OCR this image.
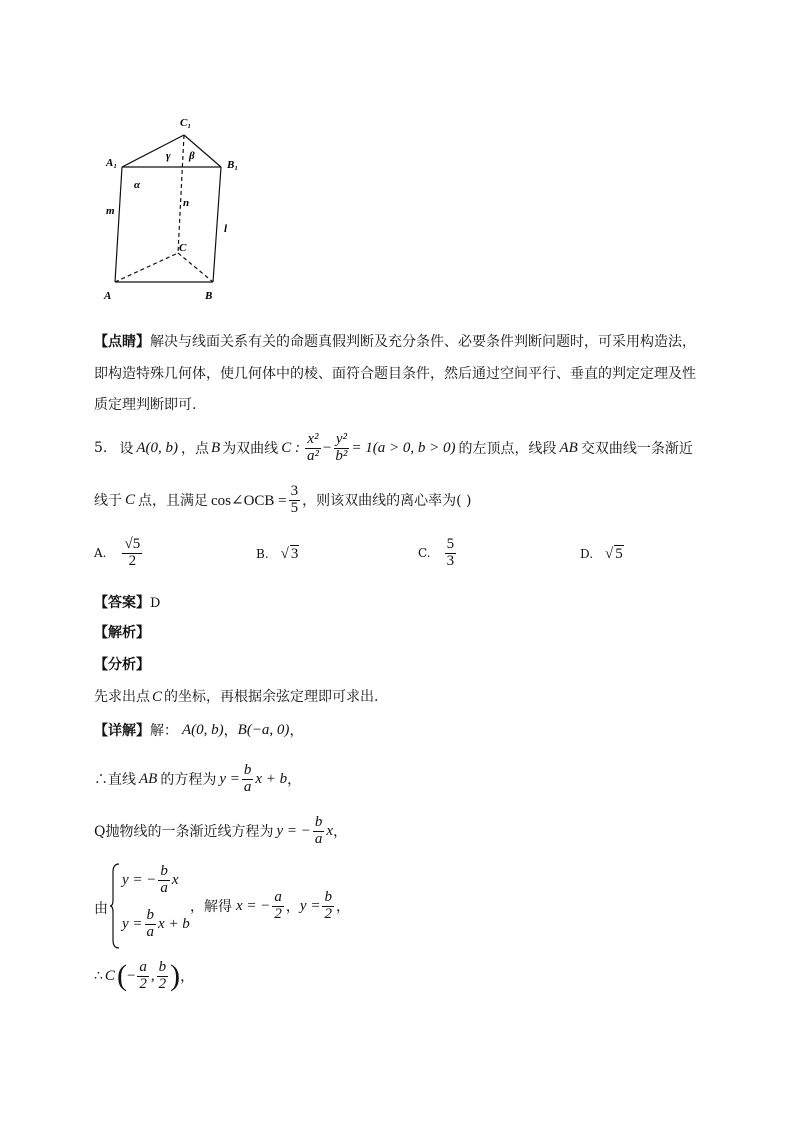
C₁
A₁	B₁
γ β
α
m
n
l
C
A	B
【点睛】解决与线面关系有关的命题真假判断及充分条件、必要条件判断问题时，可采用构造法，
即构造特殊几何体，使几何体中的棱、面符合题目条件，然后通过空间平行、垂直的判定定理及性
质定理判断即可.
5. 设 A(0, b) ，点 B 为双曲线 C : $\frac{\text{x²}}{\text{a²}} - \frac{\text{y²}}{\text{b²}} = 1(a > 0$, b > 0) 的左顶点，线段 AB 交双曲线一条渐近
线于 C 点，且满足 cos∠OCB = $\frac{3}{5}$ ，则该双曲线的离心率为( )
A. $\frac{√5}{2}$	B. √ 3	C. $\frac{5}{3}$	D. √ 5
【答案】D
【解析】
【分析】
先求出点 C 的坐标，再根据余弦定理即可求出.
【详解】 解： A(0, b) ， B(−a, 0) ，
∴直线 AB 的方程为 $y = \frac{b}{a}$ x + b ，
Q抛物线的一条渐近线方程为 y = − $\frac{b}{a}$ x ，
由
y = − $\frac{b}{a}$ x
$y = \frac{b}{a}$ x + b
，解得 x = − $\frac{a}{2}$ ， $y = \frac{b}{2}$ ，
∴ C ( − $\frac{a}{2}$ , $\frac{b}{2}$ ) ，
